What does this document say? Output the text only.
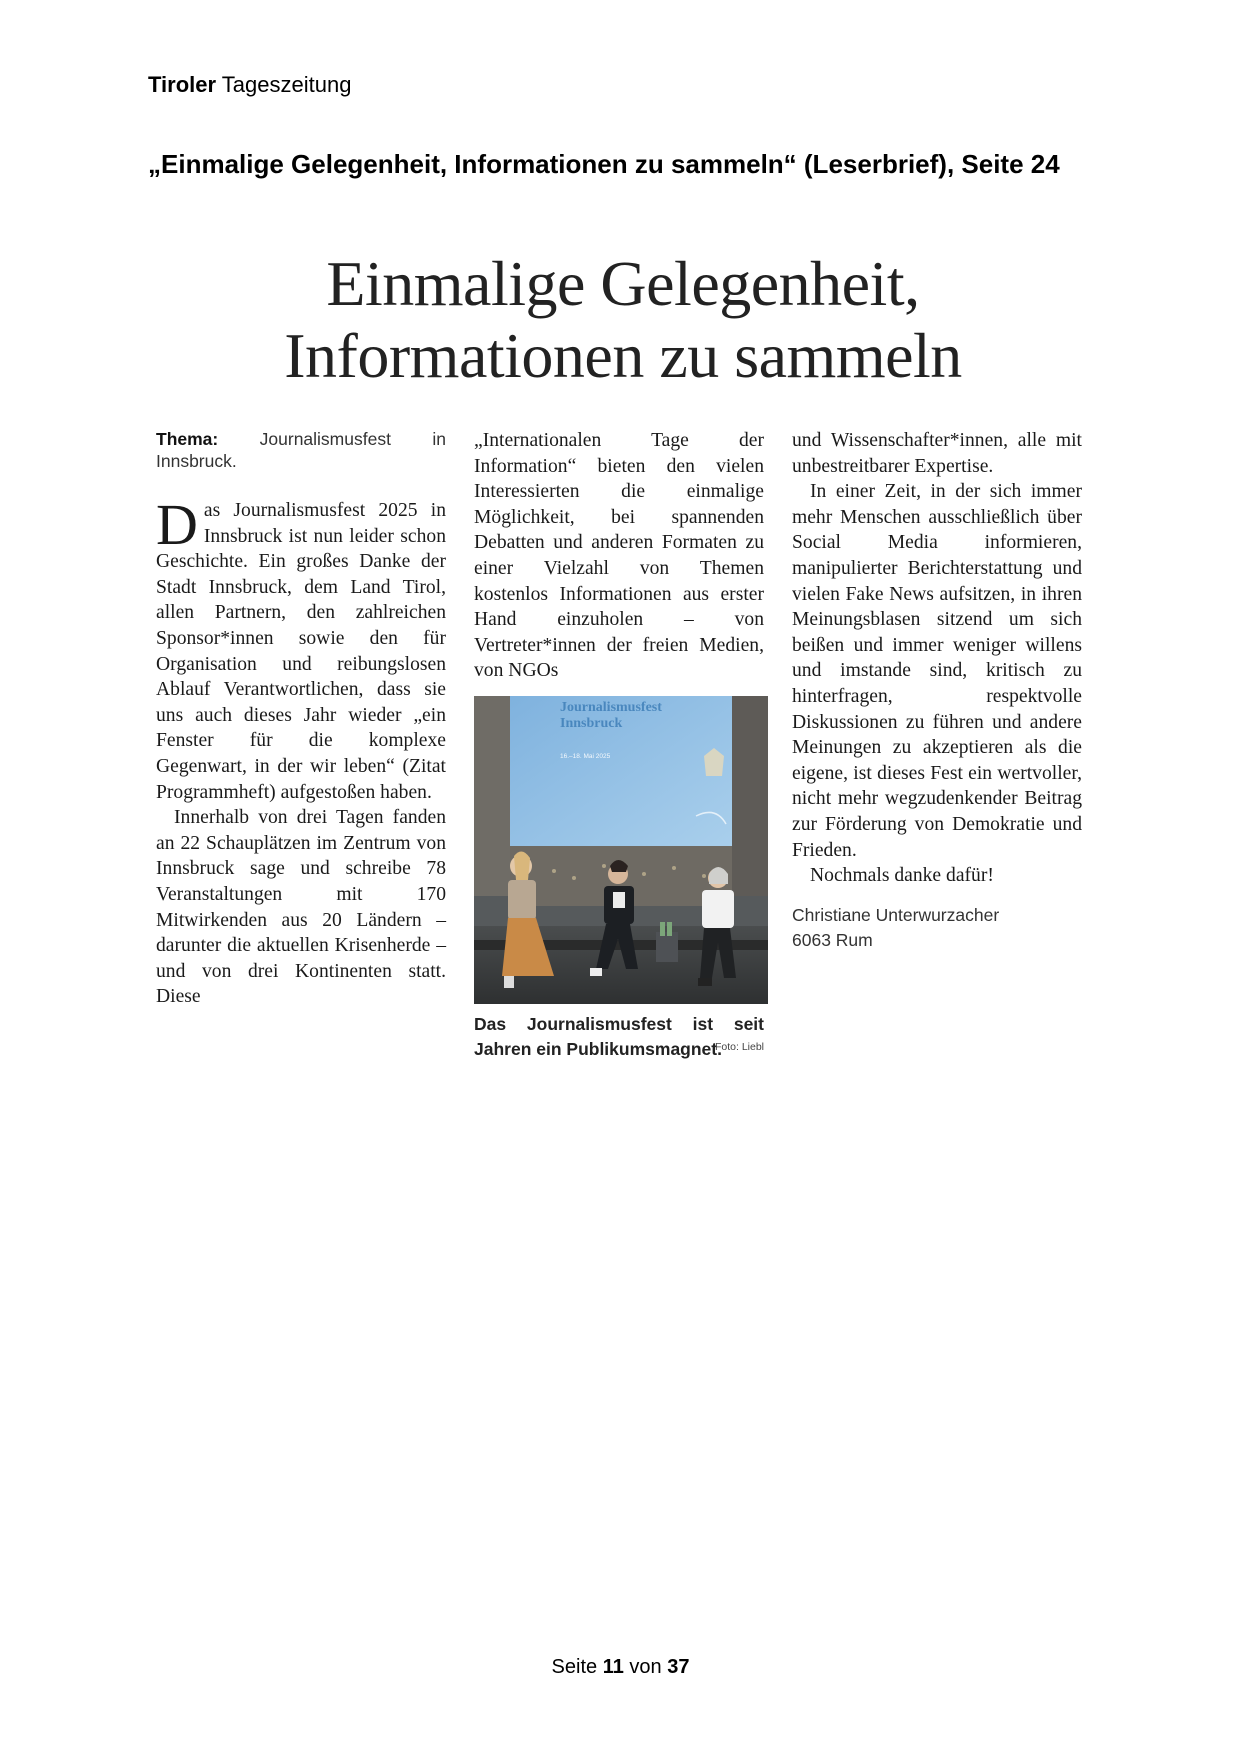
Tiroler Tageszeitung
„Einmalige Gelegenheit, Informationen zu sammeln“ (Leserbrief), Seite 24
Einmalige Gelegenheit,
Informationen zu sammeln

Thema: Journalismusfest in Innsbruck.

Das Journalismusfest 2025 in Innsbruck ist nun leider schon Geschichte. Ein großes Danke der Stadt Innsbruck, dem Land Tirol, allen Partnern, den zahlreichen Sponsor*innen sowie den für Organisation und reibungslosen Ablauf Verantwortlichen, dass sie uns auch dieses Jahr wieder „ein Fenster für die komplexe Gegenwart, in der wir leben“ (Zitat Programmheft) aufgestoßen haben.

Innerhalb von drei Tagen fanden an 22 Schauplätzen im Zentrum von Innsbruck sage und schreibe 78 Veranstaltungen mit 170 Mitwirkenden aus 20 Ländern – darunter die aktuellen Krisenherde – und von drei Kontinenten statt. Diese

„Internationalen Tage der Information“ bieten den vielen Interessierten die einmalige Möglichkeit, bei spannenden Debatten und anderen Formaten zu einer Vielzahl von Themen kostenlos Informationen aus erster Hand einzuholen – von Vertreter*innen der freien Medien, von NGOs

Journalismusfest
Innsbruck
16.–18. Mai 2025
Das Journalismusfest ist seit Jahren ein Publikumsmagnet.
Foto: Liebl

und Wissenschafter*innen, alle mit unbestreitbarer Expertise.

In einer Zeit, in der sich immer mehr Menschen ausschließlich über Social Media informieren, manipulierter Berichterstattung und vielen Fake News aufsitzen, in ihren Meinungsblasen sitzend um sich beißen und immer weniger willens und imstande sind, kritisch zu hinterfragen, respektvolle Diskussionen zu führen und andere Meinungen zu akzeptieren als die eigene, ist dieses Fest ein wertvoller, nicht mehr wegzudenkender Beitrag zur Förderung von Demokratie und Frieden.

Nochmals danke dafür!

Christiane Unterwurzacher
6063 Rum

Seite 11 von 37
